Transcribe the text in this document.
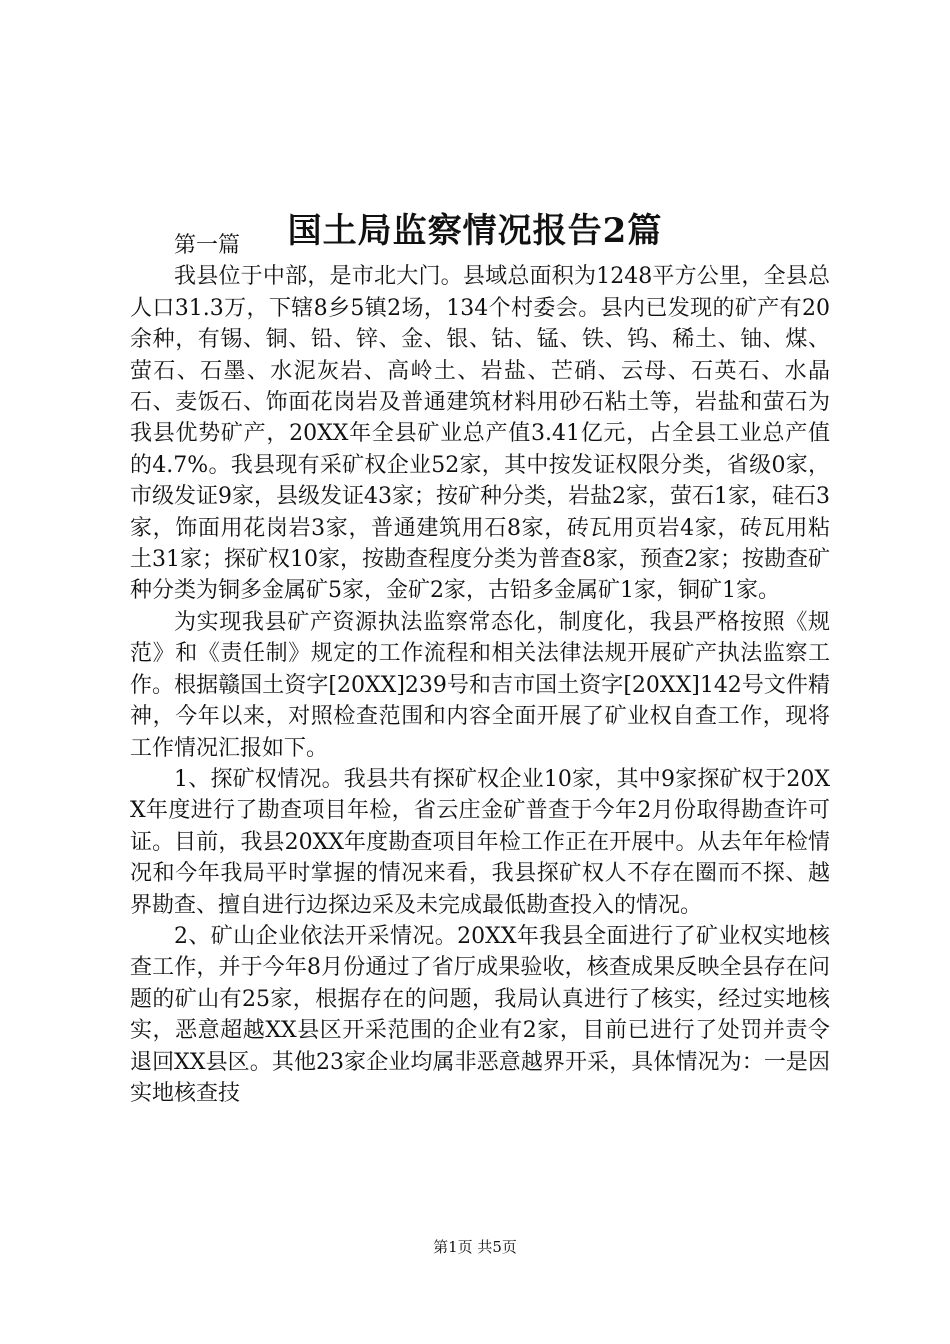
国土局监察情况报告2篇

第一篇

我县位于中部，是市北大门。县域总面积为1248平方公里，全县总人口31.3万，下辖8乡5镇2场，134个村委会。县内已发现的矿产有20余种，有锡、铜、铅、锌、金、银、钴、锰、铁、钨、稀土、铀、煤、萤石、石墨、水泥灰岩、高岭土、岩盐、芒硝、云母、石英石、水晶石、麦饭石、饰面花岗岩及普通建筑材料用砂石粘土等，岩盐和萤石为我县优势矿产，20XX年全县矿业总产值3.41亿元，占全县工业总产值的4.7%。我县现有采矿权企业52家，其中按发证权限分类，省级0家，市级发证9家，县级发证43家；按矿种分类，岩盐2家，萤石1家，硅石3家，饰面用花岗岩3家，普通建筑用石8家，砖瓦用页岩4家，砖瓦用粘土31家；探矿权10家，按勘查程度分类为普查8家，预查2家；按勘查矿种分类为铜多金属矿5家，金矿2家，古铅多金属矿1家，铜矿1家。

为实现我县矿产资源执法监察常态化，制度化，我县严格按照《规范》和《责任制》规定的工作流程和相关法律法规开展矿产执法监察工作。根据赣国土资字[20XX]239号和吉市国土资字[20XX]142号文件精神，今年以来，对照检查范围和内容全面开展了矿业权自查工作，现将工作情况汇报如下。

1、探矿权情况。我县共有探矿权企业10家，其中9家探矿权于20XX年度进行了勘查项目年检，省云庄金矿普查于今年2月份取得勘查许可证。目前，我县20XX年度勘查项目年检工作正在开展中。从去年年检情况和今年我局平时掌握的情况来看，我县探矿权人不存在圈而不探、越界勘查、擅自进行边探边采及未完成最低勘查投入的情况。

2、矿山企业依法开采情况。20XX年我县全面进行了矿业权实地核查工作，并于今年8月份通过了省厅成果验收，核查成果反映全县存在问题的矿山有25家，根据存在的问题，我局认真进行了核实，经过实地核实，恶意超越XX县区开采范围的企业有2家，目前已进行了处罚并责令退回XX县区。其他23家企业均属非恶意越界开采，具体情况为：一是因实地核查技

第1页 共5页
